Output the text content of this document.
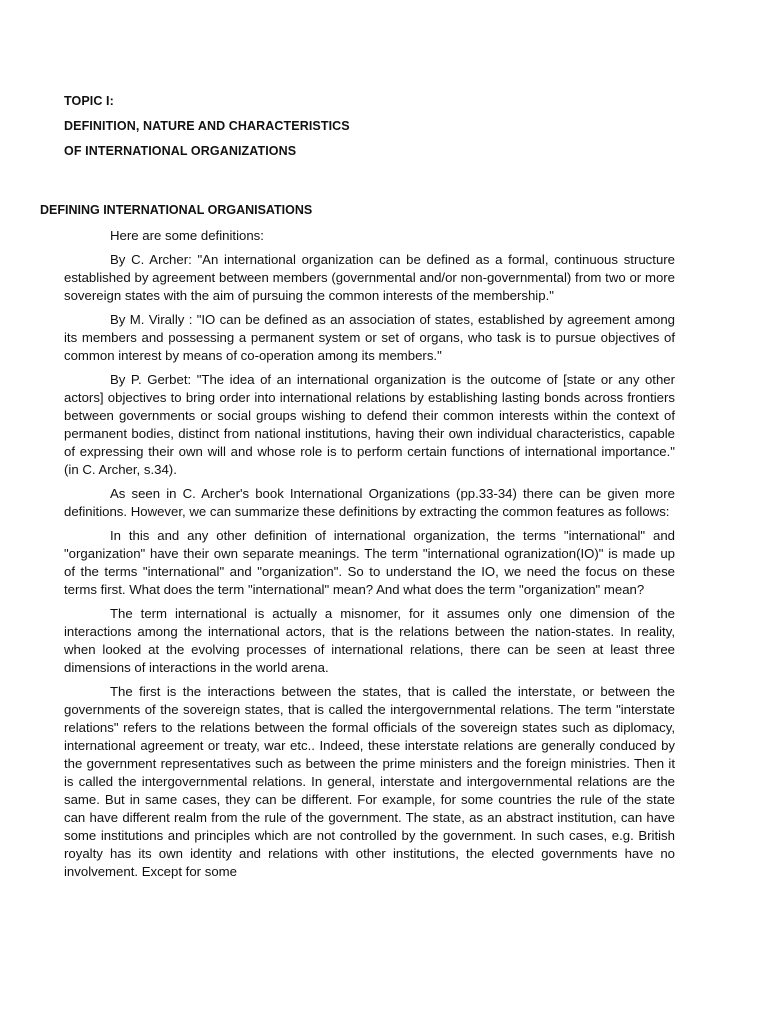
TOPIC I:

DEFINITION, NATURE AND CHARACTERISTICS

OF INTERNATIONAL ORGANIZATIONS

DEFINING INTERNATIONAL ORGANISATIONS

Here are some definitions:

By C. Archer: "An international organization can be defined as a formal, continuous structure established by agreement between members (governmental and/or non-governmental) from two or more sovereign states with the aim of pursuing the common interests of the membership."

By M. Virally : "IO can be defined as an association of states, established by agreement among its members and possessing a permanent system or set of organs, who task is to pursue objectives of common interest by means of co-operation among its members."

By P. Gerbet: "The idea of an international organization is the outcome of [state or any other actors] objectives to bring order into international relations by establishing lasting bonds across frontiers between governments or social groups wishing to defend their common interests within the context of permanent bodies, distinct from national institutions, having their own individual characteristics, capable of expressing their own will and whose role is to perform certain functions of international importance." (in C. Archer, s.34).

As seen in C. Archer's book International Organizations (pp.33-34) there can be given more definitions. However, we can summarize these definitions by extracting the common features as follows:

In this and any other definition of international organization, the terms "international" and "organization" have their own separate meanings. The term "international ogranization(IO)" is made up of the terms "international" and "organization". So to understand the IO, we need the focus on these terms first. What does the term "international" mean? And what does the term "organization" mean?

The term international is actually a misnomer, for it assumes only one dimension of the interactions among the international actors, that is the relations between the nation-states. In reality, when looked at the evolving processes of international relations, there can be seen at least three dimensions of interactions in the world arena.

The first is the interactions between the states, that is called the interstate, or between the governments of the sovereign states, that is called the intergovernmental relations. The term "interstate relations" refers to the relations between the formal officials of the sovereign states such as diplomacy, international agreement or treaty, war etc.. Indeed, these interstate relations are generally conduced by the government representatives such as between the prime ministers and the foreign ministries. Then it is called the intergovernmental relations. In general, interstate and intergovernmental relations are the same. But in same cases, they can be different. For example, for some countries the rule of the state can have different realm from the rule of the government. The state, as an abstract institution, can have some institutions and principles which are not controlled by the government. In such cases, e.g. British royalty has its own identity and relations with other institutions, the elected governments have no involvement. Except for some
